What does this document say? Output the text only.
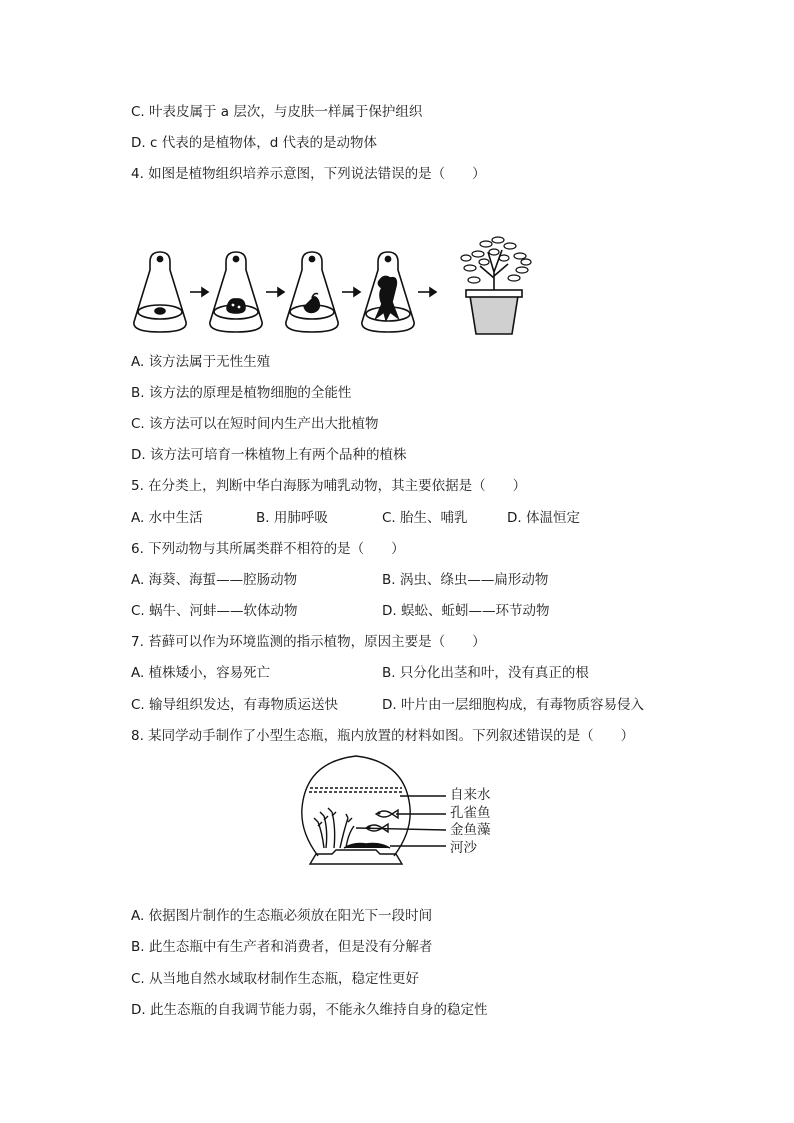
C. 叶表皮属于 a 层次，与皮肤一样属于保护组织
D. c 代表的是植物体，d 代表的是动物体
4. 如图是植物组织培养示意图，下列说法错误的是（　　）
A. 该方法属于无性生殖
B. 该方法的原理是植物细胞的全能性
C. 该方法可以在短时间内生产出大批植物
D. 该方法可培育一株植物上有两个品种的植株
5. 在分类上，判断中华白海豚为哺乳动物，其主要依据是（　　）
A. 水中生活	B. 用肺呼吸	C. 胎生、哺乳	D. 体温恒定
6. 下列动物与其所属类群不相符的是（　　）
A. 海葵、海蜇——腔肠动物	B. 涡虫、绦虫——扁形动物
C. 蜗牛、河蚌——软体动物	D. 蜈蚣、蚯蚓——环节动物
7. 苔藓可以作为环境监测的指示植物，原因主要是（　　）
A. 植株矮小，容易死亡	B. 只分化出茎和叶，没有真正的根
C. 输导组织发达，有毒物质运送快	D. 叶片由一层细胞构成，有毒物质容易侵入
8. 某同学动手制作了小型生态瓶，瓶内放置的材料如图。下列叙述错误的是（　　）
自来水
孔雀鱼
金鱼藻
河沙
A. 依据图片制作的生态瓶必须放在阳光下一段时间
B. 此生态瓶中有生产者和消费者，但是没有分解者
C. 从当地自然水域取材制作生态瓶，稳定性更好
D. 此生态瓶的自我调节能力弱，不能永久维持自身的稳定性
